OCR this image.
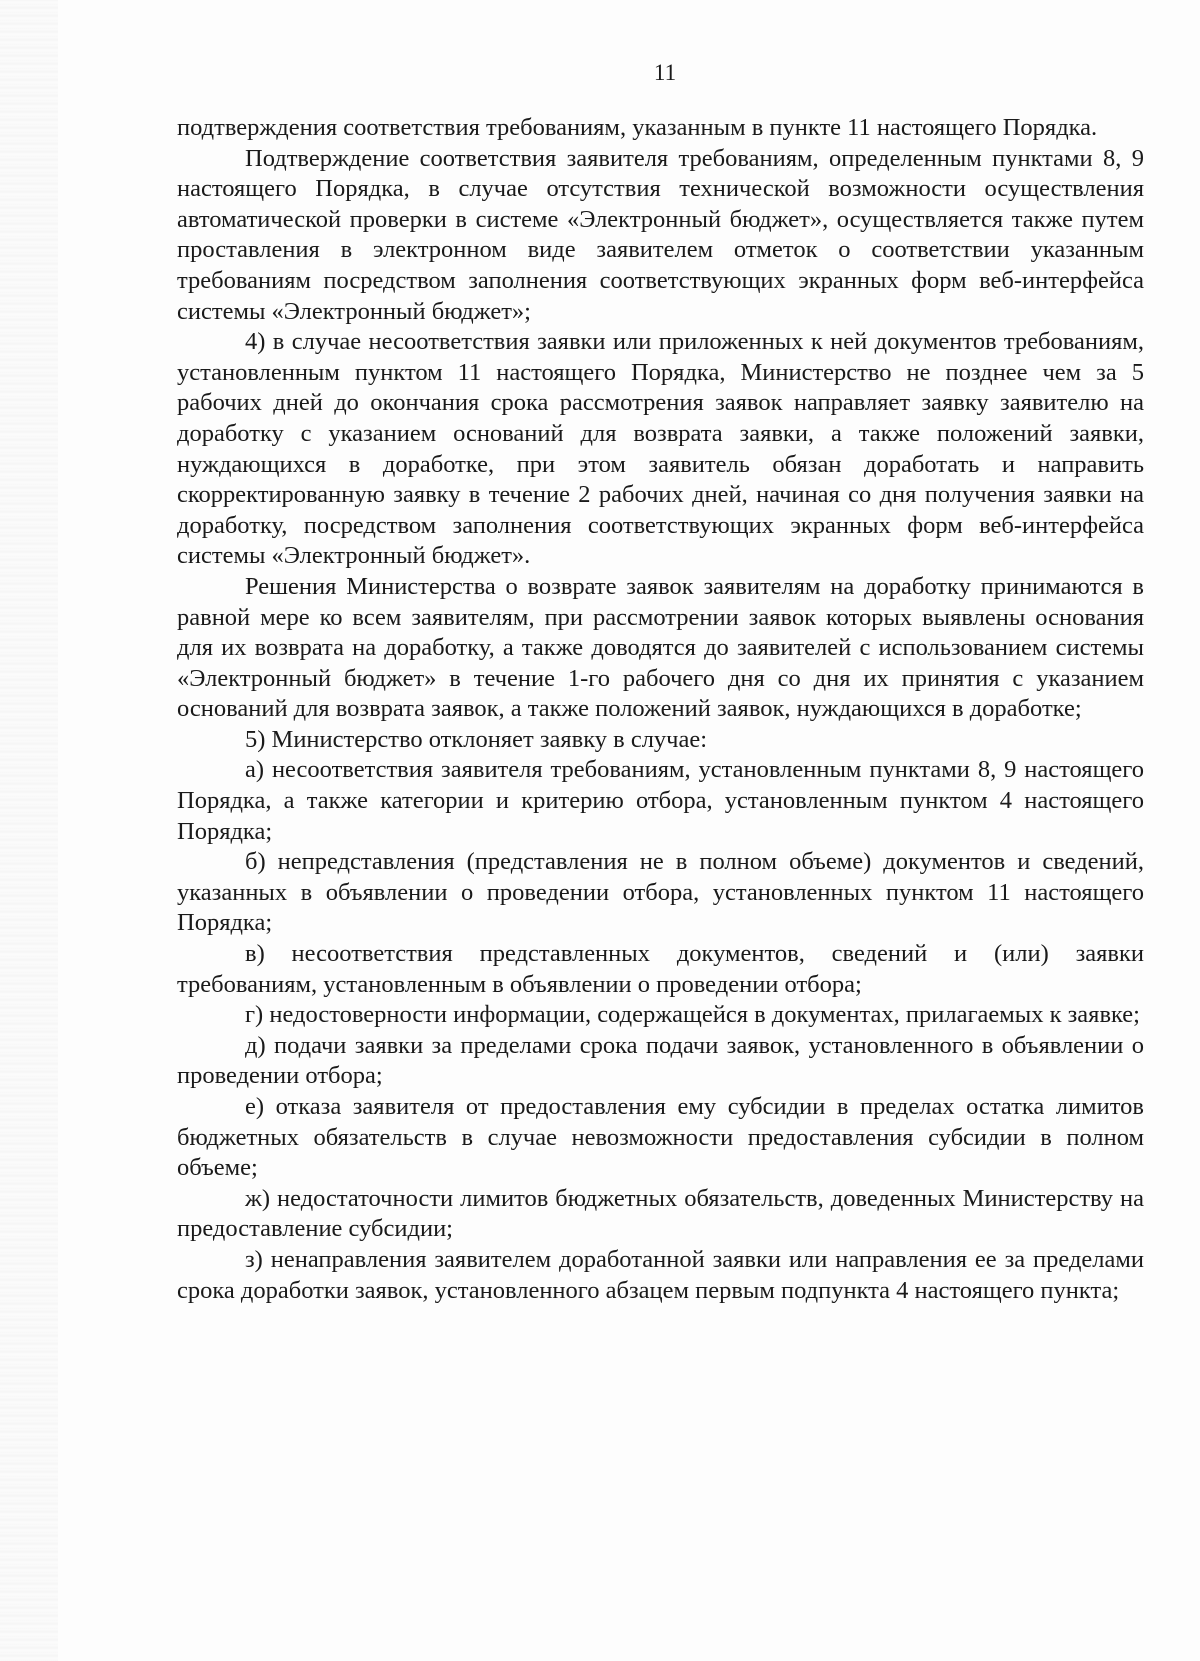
11

подтверждения соответствия требованиям, указанным в пункте 11 настоящего Порядка.

Подтверждение соответствия заявителя требованиям, определенным пунктами 8, 9 настоящего Порядка, в случае отсутствия технической возможности осуществления автоматической проверки в системе «Электронный бюджет», осуществляется также путем проставления в электронном виде заявителем отметок о соответствии указанным требованиям посредством заполнения соответствующих экранных форм веб-интерфейса системы «Электронный бюджет»;

4) в случае несоответствия заявки или приложенных к ней документов требованиям, установленным пунктом 11 настоящего Порядка, Министерство не позднее чем за 5 рабочих дней до окончания срока рассмотрения заявок направляет заявку заявителю на доработку с указанием оснований для возврата заявки, а также положений заявки, нуждающихся в доработке, при этом заявитель обязан доработать и направить скорректированную заявку в течение 2 рабочих дней, начиная со дня получения заявки на доработку, посредством заполнения соответствующих экранных форм веб-интерфейса системы «Электронный бюджет».

Решения Министерства о возврате заявок заявителям на доработку принимаются в равной мере ко всем заявителям, при рассмотрении заявок которых выявлены основания для их возврата на доработку, а также доводятся до заявителей с использованием системы «Электронный бюджет» в течение 1-го рабочего дня со дня их принятия с указанием оснований для возврата заявок, а также положений заявок, нуждающихся в доработке;

5) Министерство отклоняет заявку в случае:

а) несоответствия заявителя требованиям, установленным пунктами 8, 9 настоящего Порядка, а также категории и критерию отбора, установленным пунктом 4 настоящего Порядка;

б) непредставления (представления не в полном объеме) документов и сведений, указанных в объявлении о проведении отбора, установленных пунктом 11 настоящего Порядка;

в) несоответствия представленных документов, сведений и (или) заявки требованиям, установленным в объявлении о проведении отбора;

г) недостоверности информации, содержащейся в документах, прилагаемых к заявке;

д) подачи заявки за пределами срока подачи заявок, установленного в объявлении о проведении отбора;

е) отказа заявителя от предоставления ему субсидии в пределах остатка лимитов бюджетных обязательств в случае невозможности предоставления субсидии в полном объеме;

ж) недостаточности лимитов бюджетных обязательств, доведенных Министерству на предоставление субсидии;

з) ненаправления заявителем доработанной заявки или направления ее за пределами срока доработки заявок, установленного абзацем первым подпункта 4 настоящего пункта;
